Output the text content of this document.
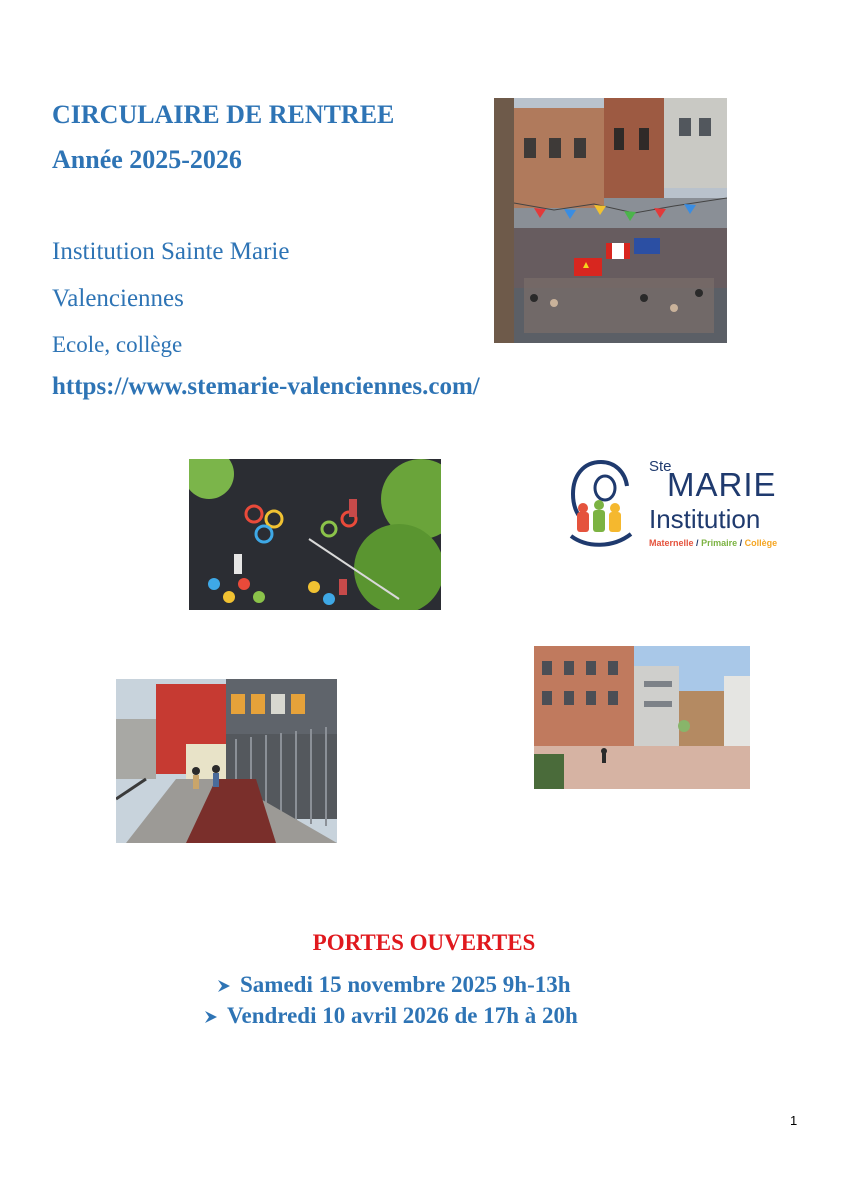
CIRCULAIRE DE RENTREE
Année 2025-2026
Institution Sainte Marie
Valenciennes
Ecole, collège
https://www.stemarie-valenciennes.com/
Ste
MARIE
Institution
Maternelle / Primaire / Collège
PORTES OUVERTES
Samedi 15 novembre 2025 9h-13h
Vendredi 10 avril 2026 de 17h à 20h
1
